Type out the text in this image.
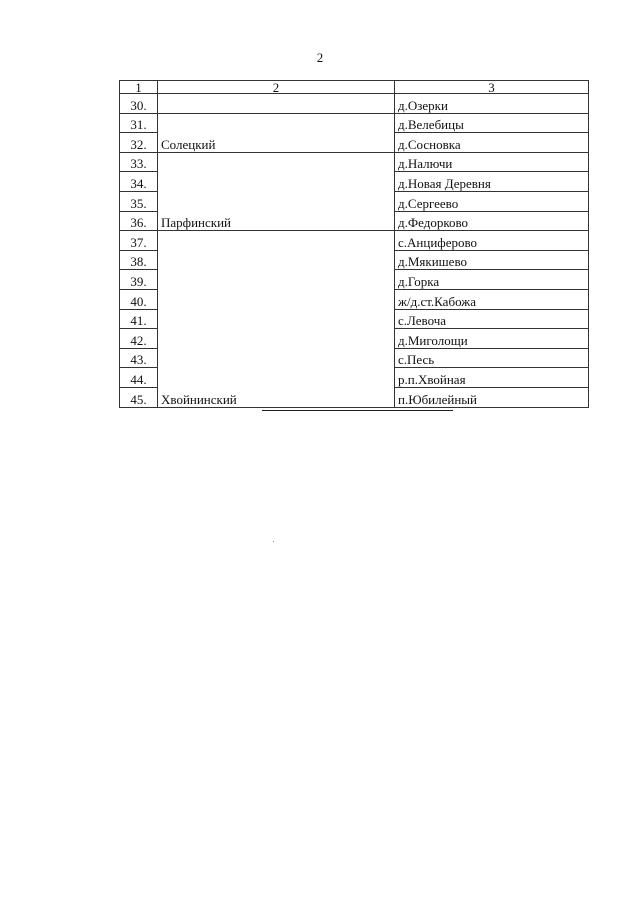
2
1	2	3
30.		д.Озерки
31.	Солецкий	д.Велебицы
32.		д.Сосновка
33.	Парфинский	д.Налючи
34.		д.Новая Деревня
35.		д.Сергеево
36.		д.Федорково
37.	Хвойнинский	с.Анциферово
38.		д.Мякишево
39.		д.Горка
40.		ж/д.ст.Кабожа
41.		с.Левоча
42.		д.Миголощи
43.		с.Песь
44.		р.п.Хвойная
45.		п.Юбилейный
